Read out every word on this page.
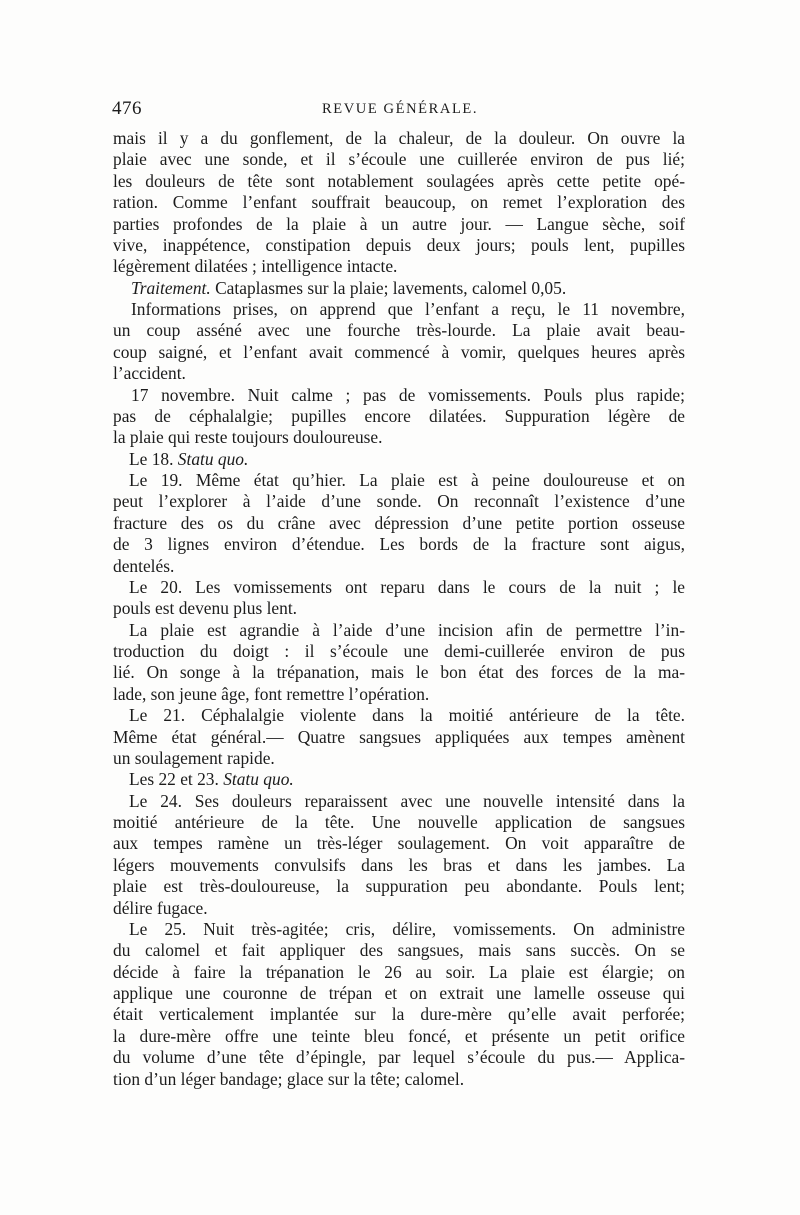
476	REVUE GÉNÉRALE.
mais il y a du gonflement, de la chaleur, de la douleur. On ouvre la
plaie avec une sonde, et il s’écoule une cuillerée environ de pus lié;
les douleurs de tête sont notablement soulagées après cette petite opé-
ration. Comme l’enfant souffrait beaucoup, on remet l’exploration des
parties profondes de la plaie à un autre jour. — Langue sèche, soif
vive, inappétence, constipation depuis deux jours; pouls lent, pupilles
légèrement dilatées ; intelligence intacte.
Traitement. Cataplasmes sur la plaie; lavements, calomel 0,05.
Informations prises, on apprend que l’enfant a reçu, le 11 novembre,
un coup asséné avec une fourche très-lourde. La plaie avait beau-
coup saigné, et l’enfant avait commencé à vomir, quelques heures après
l’accident.
17 novembre. Nuit calme ; pas de vomissements. Pouls plus rapide;
pas de céphalalgie; pupilles encore dilatées. Suppuration légère de
la plaie qui reste toujours douloureuse.
Le 18. Statu quo.
Le 19. Même état qu’hier. La plaie est à peine douloureuse et on
peut l’explorer à l’aide d’une sonde. On reconnaît l’existence d’une
fracture des os du crâne avec dépression d’une petite portion osseuse
de 3 lignes environ d’étendue. Les bords de la fracture sont aigus,
dentelés.
Le 20. Les vomissements ont reparu dans le cours de la nuit ; le
pouls est devenu plus lent.
La plaie est agrandie à l’aide d’une incision afin de permettre l’in-
troduction du doigt : il s’écoule une demi-cuillerée environ de pus
lié. On songe à la trépanation, mais le bon état des forces de la ma-
lade, son jeune âge, font remettre l’opération.
Le 21. Céphalalgie violente dans la moitié antérieure de la tête.
Même état général.— Quatre sangsues appliquées aux tempes amènent
un soulagement rapide.
Les 22 et 23. Statu quo.
Le 24. Ses douleurs reparaissent avec une nouvelle intensité dans la
moitié antérieure de la tête. Une nouvelle application de sangsues
aux tempes ramène un très-léger soulagement. On voit apparaître de
légers mouvements convulsifs dans les bras et dans les jambes. La
plaie est très-douloureuse, la suppuration peu abondante. Pouls lent;
délire fugace.
Le 25. Nuit très-agitée; cris, délire, vomissements. On administre
du calomel et fait appliquer des sangsues, mais sans succès. On se
décide à faire la trépanation le 26 au soir. La plaie est élargie; on
applique une couronne de trépan et on extrait une lamelle osseuse qui
était verticalement implantée sur la dure-mère qu’elle avait perforée;
la dure-mère offre une teinte bleu foncé, et présente un petit orifice
du volume d’une tête d’épingle, par lequel s’écoule du pus.— Applica-
tion d’un léger bandage; glace sur la tête; calomel.
